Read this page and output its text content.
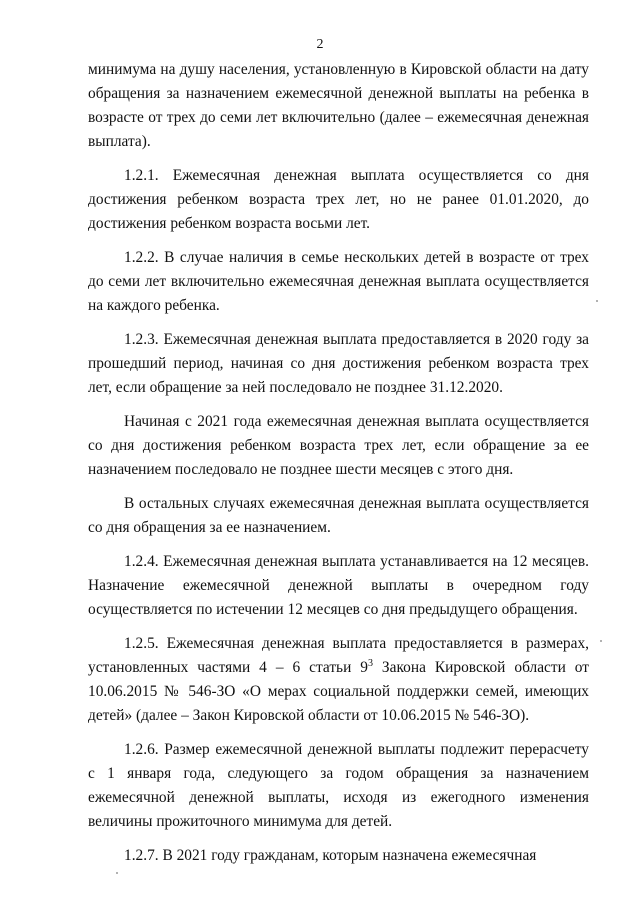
2

минимума на душу населения, установленную в Кировской области на дату обращения за назначением ежемесячной денежной выплаты на ребенка в возрасте от трех до семи лет включительно (далее – ежемесячная денежная выплата).

1.2.1. Ежемесячная денежная выплата осуществляется со дня достижения ребенком возраста трех лет, но не ранее 01.01.2020, до достижения ребенком возраста восьми лет.

1.2.2. В случае наличия в семье нескольких детей в возрасте от трех до семи лет включительно ежемесячная денежная выплата осуществляется на каждого ребенка.

1.2.3. Ежемесячная денежная выплата предоставляется в 2020 году за прошедший период, начиная со дня достижения ребенком возраста трех лет, если обращение за ней последовало не позднее 31.12.2020.

Начиная с 2021 года ежемесячная денежная выплата осуществляется со дня достижения ребенком возраста трех лет, если обращение за ее назначением последовало не позднее шести месяцев с этого дня.

В остальных случаях ежемесячная денежная выплата осуществляется со дня обращения за ее назначением.

1.2.4. Ежемесячная денежная выплата устанавливается на 12 месяцев. Назначение ежемесячной денежной выплаты в очередном году осуществляется по истечении 12 месяцев со дня предыдущего обращения.

1.2.5. Ежемесячная денежная выплата предоставляется в размерах, установленных частями 4 – 6 статьи $9^3$ Закона Кировской области от 10.06.2015 № 546-ЗО «О мерах социальной поддержки семей, имеющих детей» (далее – Закон Кировской области от 10.06.2015 № 546-ЗО).

1.2.6. Размер ежемесячной денежной выплаты подлежит перерасчету с 1 января года, следующего за годом обращения за назначением ежемесячной денежной выплаты, исходя из ежегодного изменения величины прожиточного минимума для детей.

1.2.7. В 2021 году гражданам, которым назначена ежемесячная
